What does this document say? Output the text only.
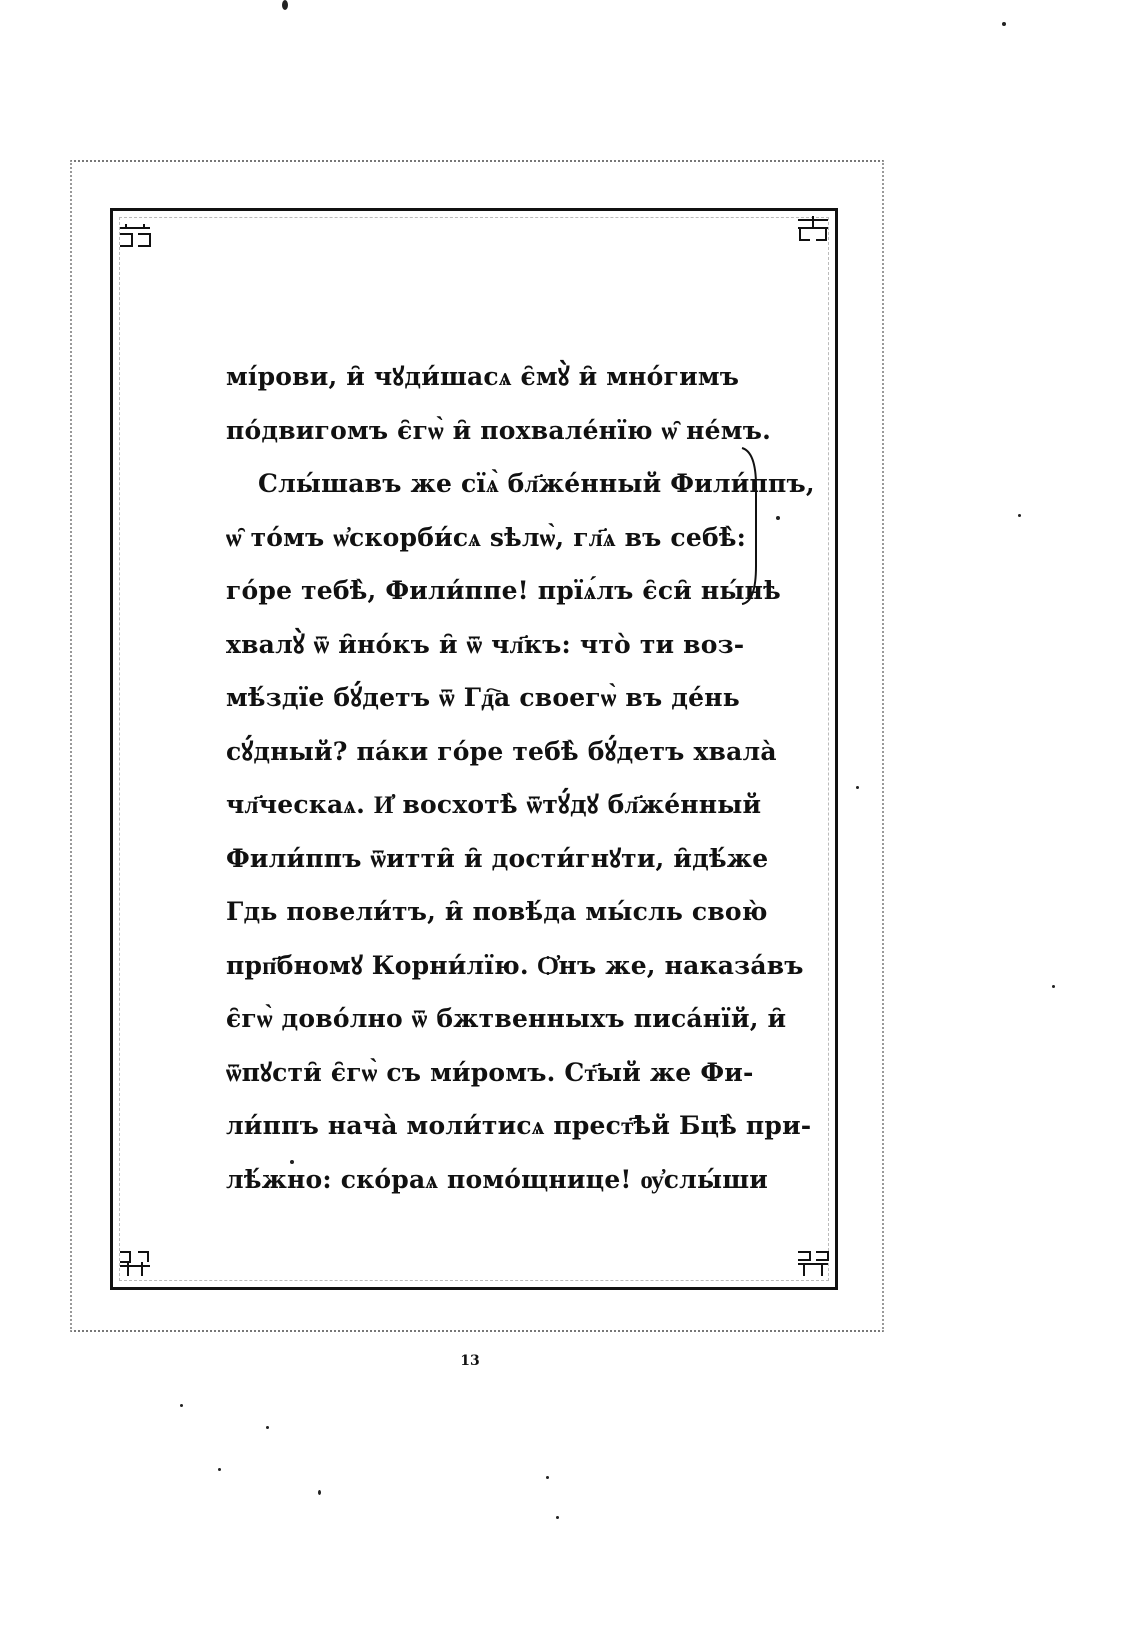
мі́рови, и̑ чꙋди́шасѧ є̑мꙋ̀ и̑ мно́гимъ
по́двигомъ є̑гѡ̀ и̑ похвале́нїю ѡ̑ не́мъ.
Слы́шавъ же сїѧ̀ бл҃же́нный Фили́ппъ,
ѡ̑ то́мъ ѡ҆скорби́сѧ ѕѣлѡ̀, гл҃ѧ въ себѣ̀:
го́ре тебѣ̀, Фили́ппе! прїѧ́лъ є̑си̑ ны́нѣ
хвалꙋ̀ ѿ и̑но́къ и̑ ѿ чл҃къ: что̀ ти воз-
мѣ́здїе бꙋ́детъ ѿ Гд҇а своегѡ̀ въ де́нь
сꙋ́дный? па́ки го́ре тебѣ̀ бꙋ́детъ хвала̀
чл҃ческаѧ. И҆ восхотѣ̀ ѿтꙋ́дꙋ бл҃же́нный
Фили́ппъ ѿитти̑ и̑ дости́гнꙋти, и̑дѣ́же
Гдь повели́тъ, и̑ повѣ́да мы́сль свою̀
прп҃бномꙋ Корни́лїю. Ѻ҆нъ же, наказа́въ
є̑гѡ̀ дово́лно ѿ бжтвенныхъ писа́нїй, и̑
ѿпꙋсти̑ є̑гѡ̀ съ ми́ромъ. Ст҃ый же Фи-
ли́ппъ нача̀ моли́тисѧ прест҃ѣй Бцѣ̀ при-
лѣ́жно: ско́раѧ помо́щнице! ѹ҆слы́ши
13
